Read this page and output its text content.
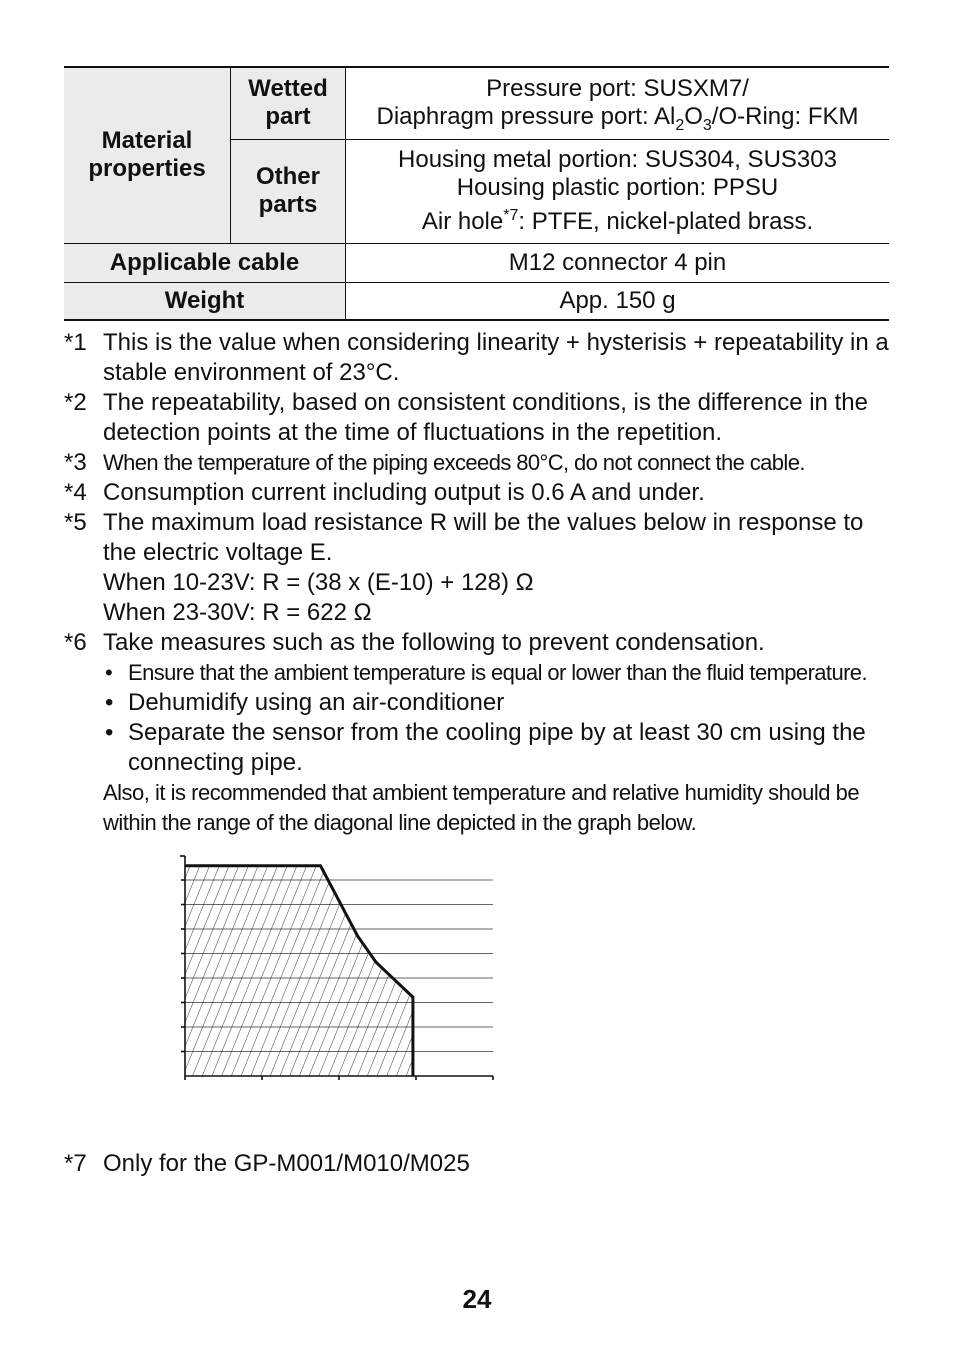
Material properties	Wetted part	Pressure port: SUSXM7/
Diaphragm pressure port: $Al_2O_3/O$-Ring: FKM

	Other parts	Housing metal portion: SUS304, SUS303
Housing plastic portion: PPSU
Air hole$^{*7}$: PTFE, nickel-plated brass.

Applicable cable		M12 connector 4 pin
Weight		App. 150 g
*1 This is the value when considering linearity + hysterisis + repeatability in a stable environment of 23°C.
*2 The repeatability, based on consistent conditions, is the difference in the detection points at the time of fluctuations in the repetition.
*3 When the temperature of the piping exceeds 80°C, do not connect the cable.
*4 Consumption current including output is 0.6 A and under.
*5 The maximum load resistance R will be the values below in response to the electric voltage E.
When 10-23V: R = (38 x (E-10) + 128) Ω
When 23-30V: R = 622 Ω
*6 Take measures such as the following to prevent condensation.
• Ensure that the ambient temperature is equal or lower than the fluid temperature.
• Dehumidify using an air-conditioner
• Separate the sensor from the cooling pipe by at least 30 cm using the connecting pipe.
Also, it is recommended that ambient temperature and relative humidity should be within the range of the diagonal line depicted in the graph below.
*7 Only for the GP-M001/M010/M025
24
